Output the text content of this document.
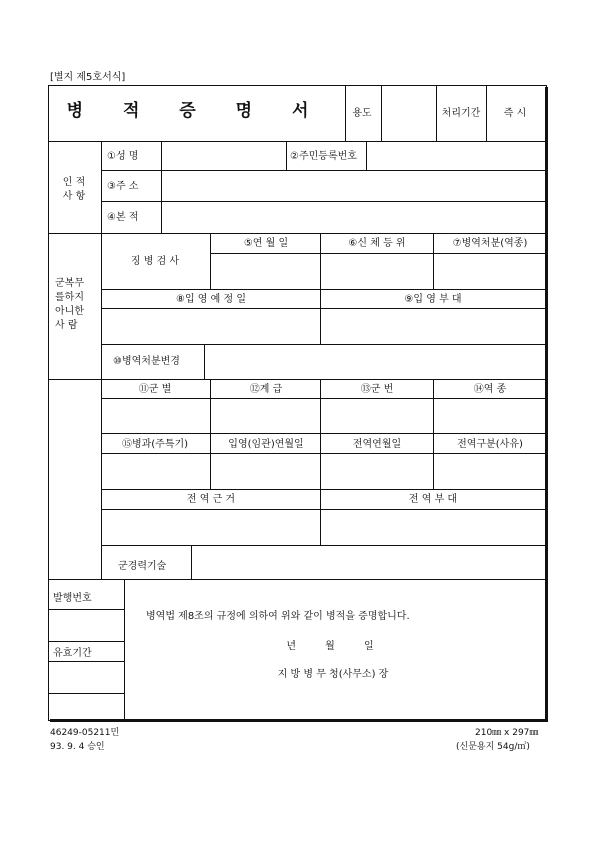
[별지 제5호서식]
병 적 증 명 서	용도	처리기간 즉 시
인 적
사 항
①성 명	②주민등록번호
③주 소
④본 적
군복무
를하지
아니한
사 람
징 병 검 사
⑤연 월 일	⑥신 체 등 위	⑦병역처분(역종)
⑧입 영 예 정 일	⑨입 영 부 대
⑩병역처분변경
⑪군 별	⑫계 급	⑬군 번	⑭역 종
⑮병과(주특기)	입영(임관)연월일	전역연월일	전역구분(사유)
전 역 근 거	전 역 부 대
군경력기술
발행번호
유효기간
병역법 제8조의 규정에 의하여 위와 같이 병적을 증명합니다.
년 월 일
지 방 병 무 청(사무소) 장
46249-05211민
93. 9. 4 승인
210㎜ x 297㎜
(신문용지 54g/㎡)
